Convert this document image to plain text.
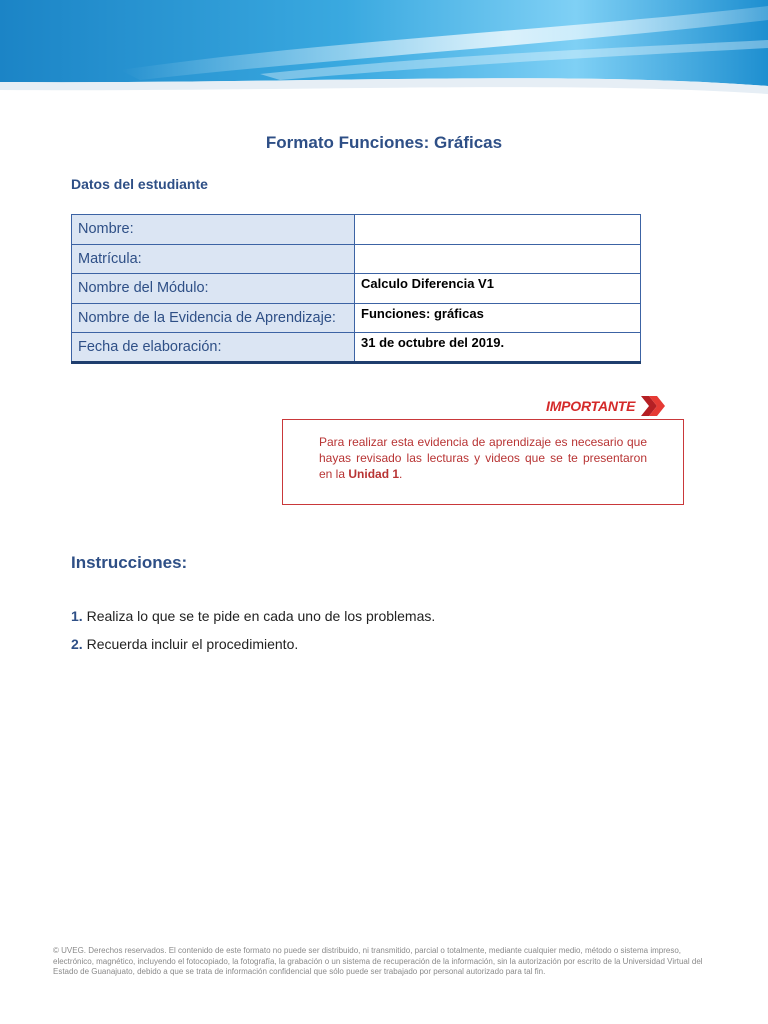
Formato Funciones: Gráficas
Datos del estudiante
Nombre:	
Matrícula:	
Nombre del Módulo:	Calculo Diferencia V1
Nombre de la Evidencia de Aprendizaje:	Funciones: gráficas
Fecha de elaboración:	31 de octubre del 2019.
IMPORTANTE

Para realizar esta evidencia de aprendizaje es necesario que hayas revisado las lecturas y videos que se te presentaron en la Unidad 1.

Instrucciones:
1. Realiza lo que se te pide en cada uno de los problemas.
2. Recuerda incluir el procedimiento.
© UVEG. Derechos reservados. El contenido de este formato no puede ser distribuido, ni transmitido, parcial o totalmente, mediante cualquier medio, método o sistema impreso, electrónico, magnético, incluyendo el fotocopiado, la fotografía, la grabación o un sistema de recuperación de la información, sin la autorización por escrito de la Universidad Virtual del Estado de Guanajuato, debido a que se trata de información confidencial que sólo puede ser trabajado por personal autorizado para tal fin.
